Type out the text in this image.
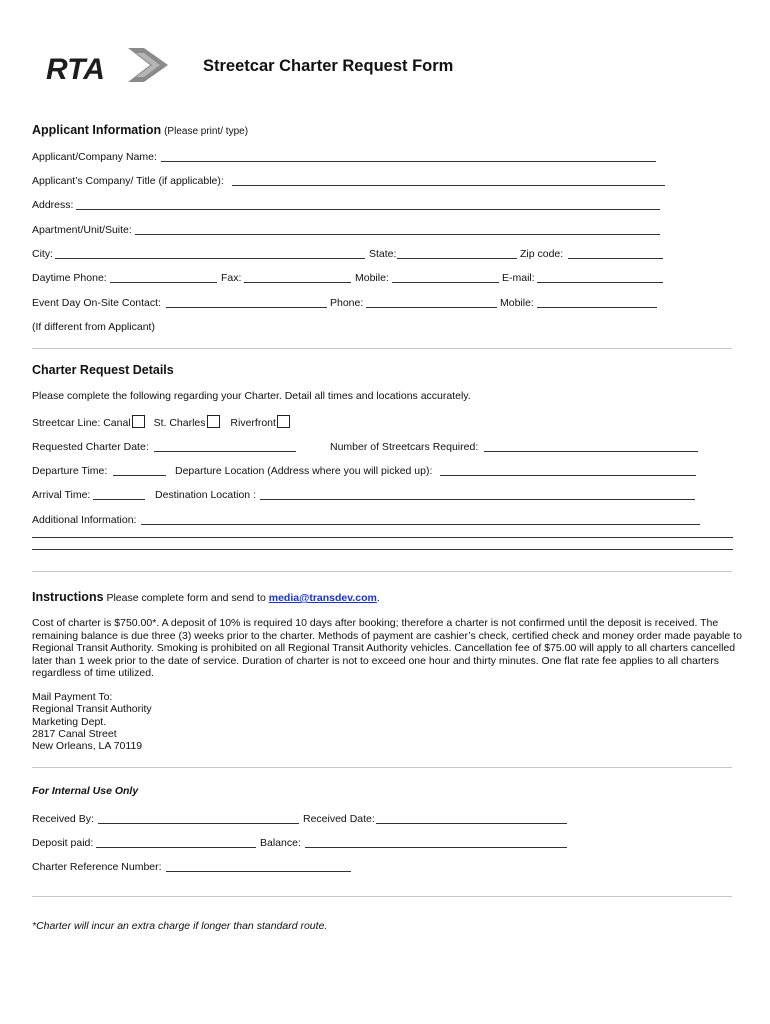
RTA	Streetcar Charter Request Form
Applicant Information (Please print/ type)
Applicant/Company Name:
Applicant’s Company/ Title (if applicable):
Address:
Apartment/Unit/Suite:
City:	State:	Zip code:
Daytime Phone:	Fax:	Mobile:	E-mail:
Event Day On-Site Contact:	Phone:	Mobile:
(If different from Applicant)
Charter Request Details
Please complete the following regarding your Charter. Detail all times and locations accurately.
Streetcar Line: Canal St. Charles Riverfront
Requested Charter Date:	Number of Streetcars Required:
Departure Time:	Departure Location (Address where you will picked up):
Arrival Time:	Destination Location :
Additional Information:
Instructions Please complete form and send to media@transdev.com.
Cost of charter is $750.00*. A deposit of 10% is required 10 days after booking; therefore a charter is not confirmed until the deposit is received. The remaining balance is due three (3) weeks prior to the charter. Methods of payment are cashier’s check, certified check and money order made payable to Regional Transit Authority. Smoking is prohibited on all Regional Transit Authority vehicles. Cancellation fee of $75.00 will apply to all charters cancelled later than 1 week prior to the date of service. Duration of charter is not to exceed one hour and thirty minutes. One flat rate fee applies to all charters regardless of time utilized.
Mail Payment To:
Regional Transit Authority
Marketing Dept.
2817 Canal Street
New Orleans, LA 70119
For Internal Use Only
Received By:	Received Date:
Deposit paid:	Balance:
Charter Reference Number:
*Charter will incur an extra charge if longer than standard route.
